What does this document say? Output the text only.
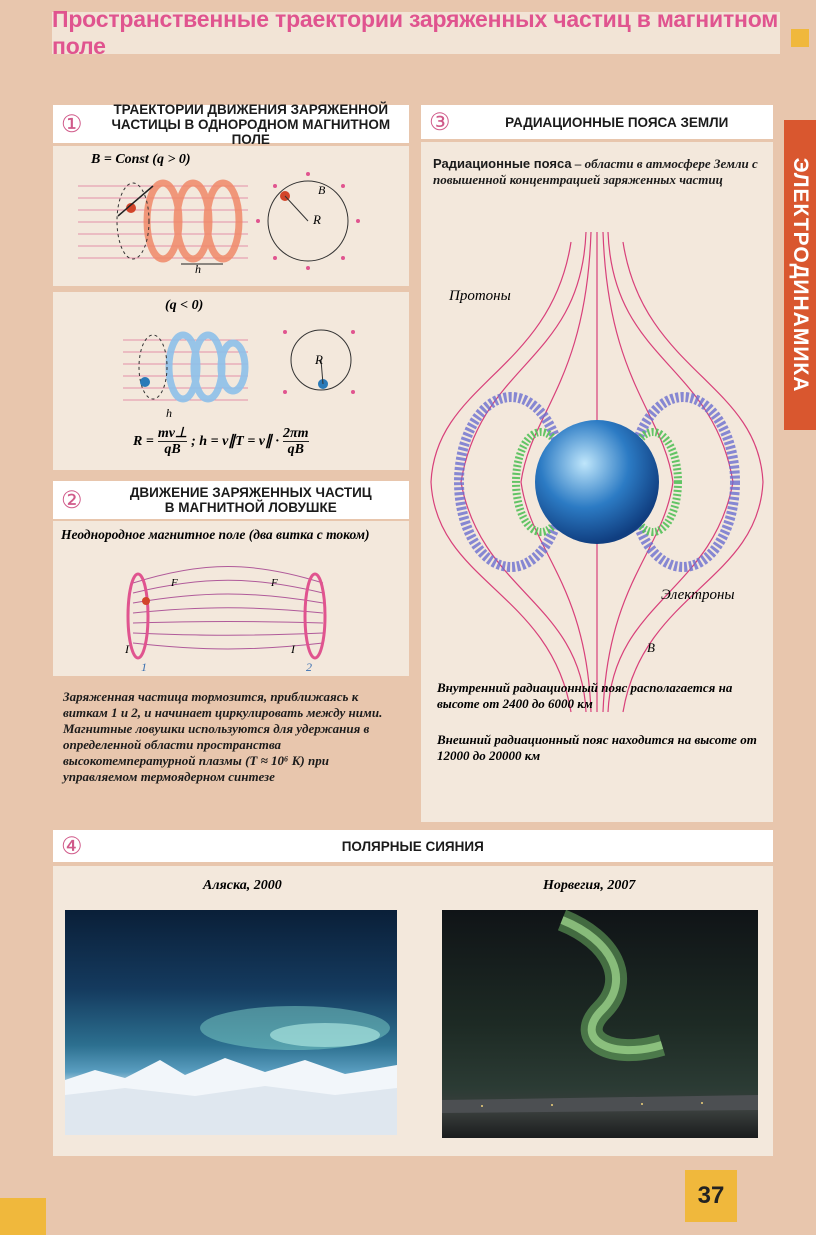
Пространственные траектории заряженных частиц в магнитном поле
ЭЛЕКТРОДИНАМИКА
①
ТРАЕКТОРИИ ДВИЖЕНИЯ ЗАРЯЖЕННОЙ
ЧАСТИЦЫ В ОДНОРОДНОМ МАГНИТНОМ ПОЛЕ
B = Const (q > 0)
h
R
B
(q < 0)
h
R
$R = \frac{mv\perp}{qB}$ ; h = v∥T = v∥ · $\frac{2\pi m}{qB}$
②	ДВИЖЕНИЕ ЗАРЯЖЕННЫХ ЧАСТИЦ
В МАГНИТНОЙ ЛОВУШКЕ
Неоднородное магнитное поле (два витка с током)
1	2
I	I
F	F
Заряженная частица тормозится, приближаясь к виткам 1 и 2, и начинает циркулировать между ними.
Магнитные ловушки используются для удержания в определенной области пространства высокотемпературной плазмы (T ≈ 10⁶ K) при управляемом термоядерном синтезе
③	РАДИАЦИОННЫЕ ПОЯСА ЗЕМЛИ
Радиационные пояса – области в атмосфере Земли с повышенной концентрацией заряженных частиц
B
Протоны
Электроны
Внутренний радиационный пояс располагается на высоте от 2400 до 6000 км
Внешний радиационный пояс находится на высоте от 12000 до 20000 км
④	ПОЛЯРНЫЕ СИЯНИЯ
Аляска, 2000	Норвегия, 2007
37
